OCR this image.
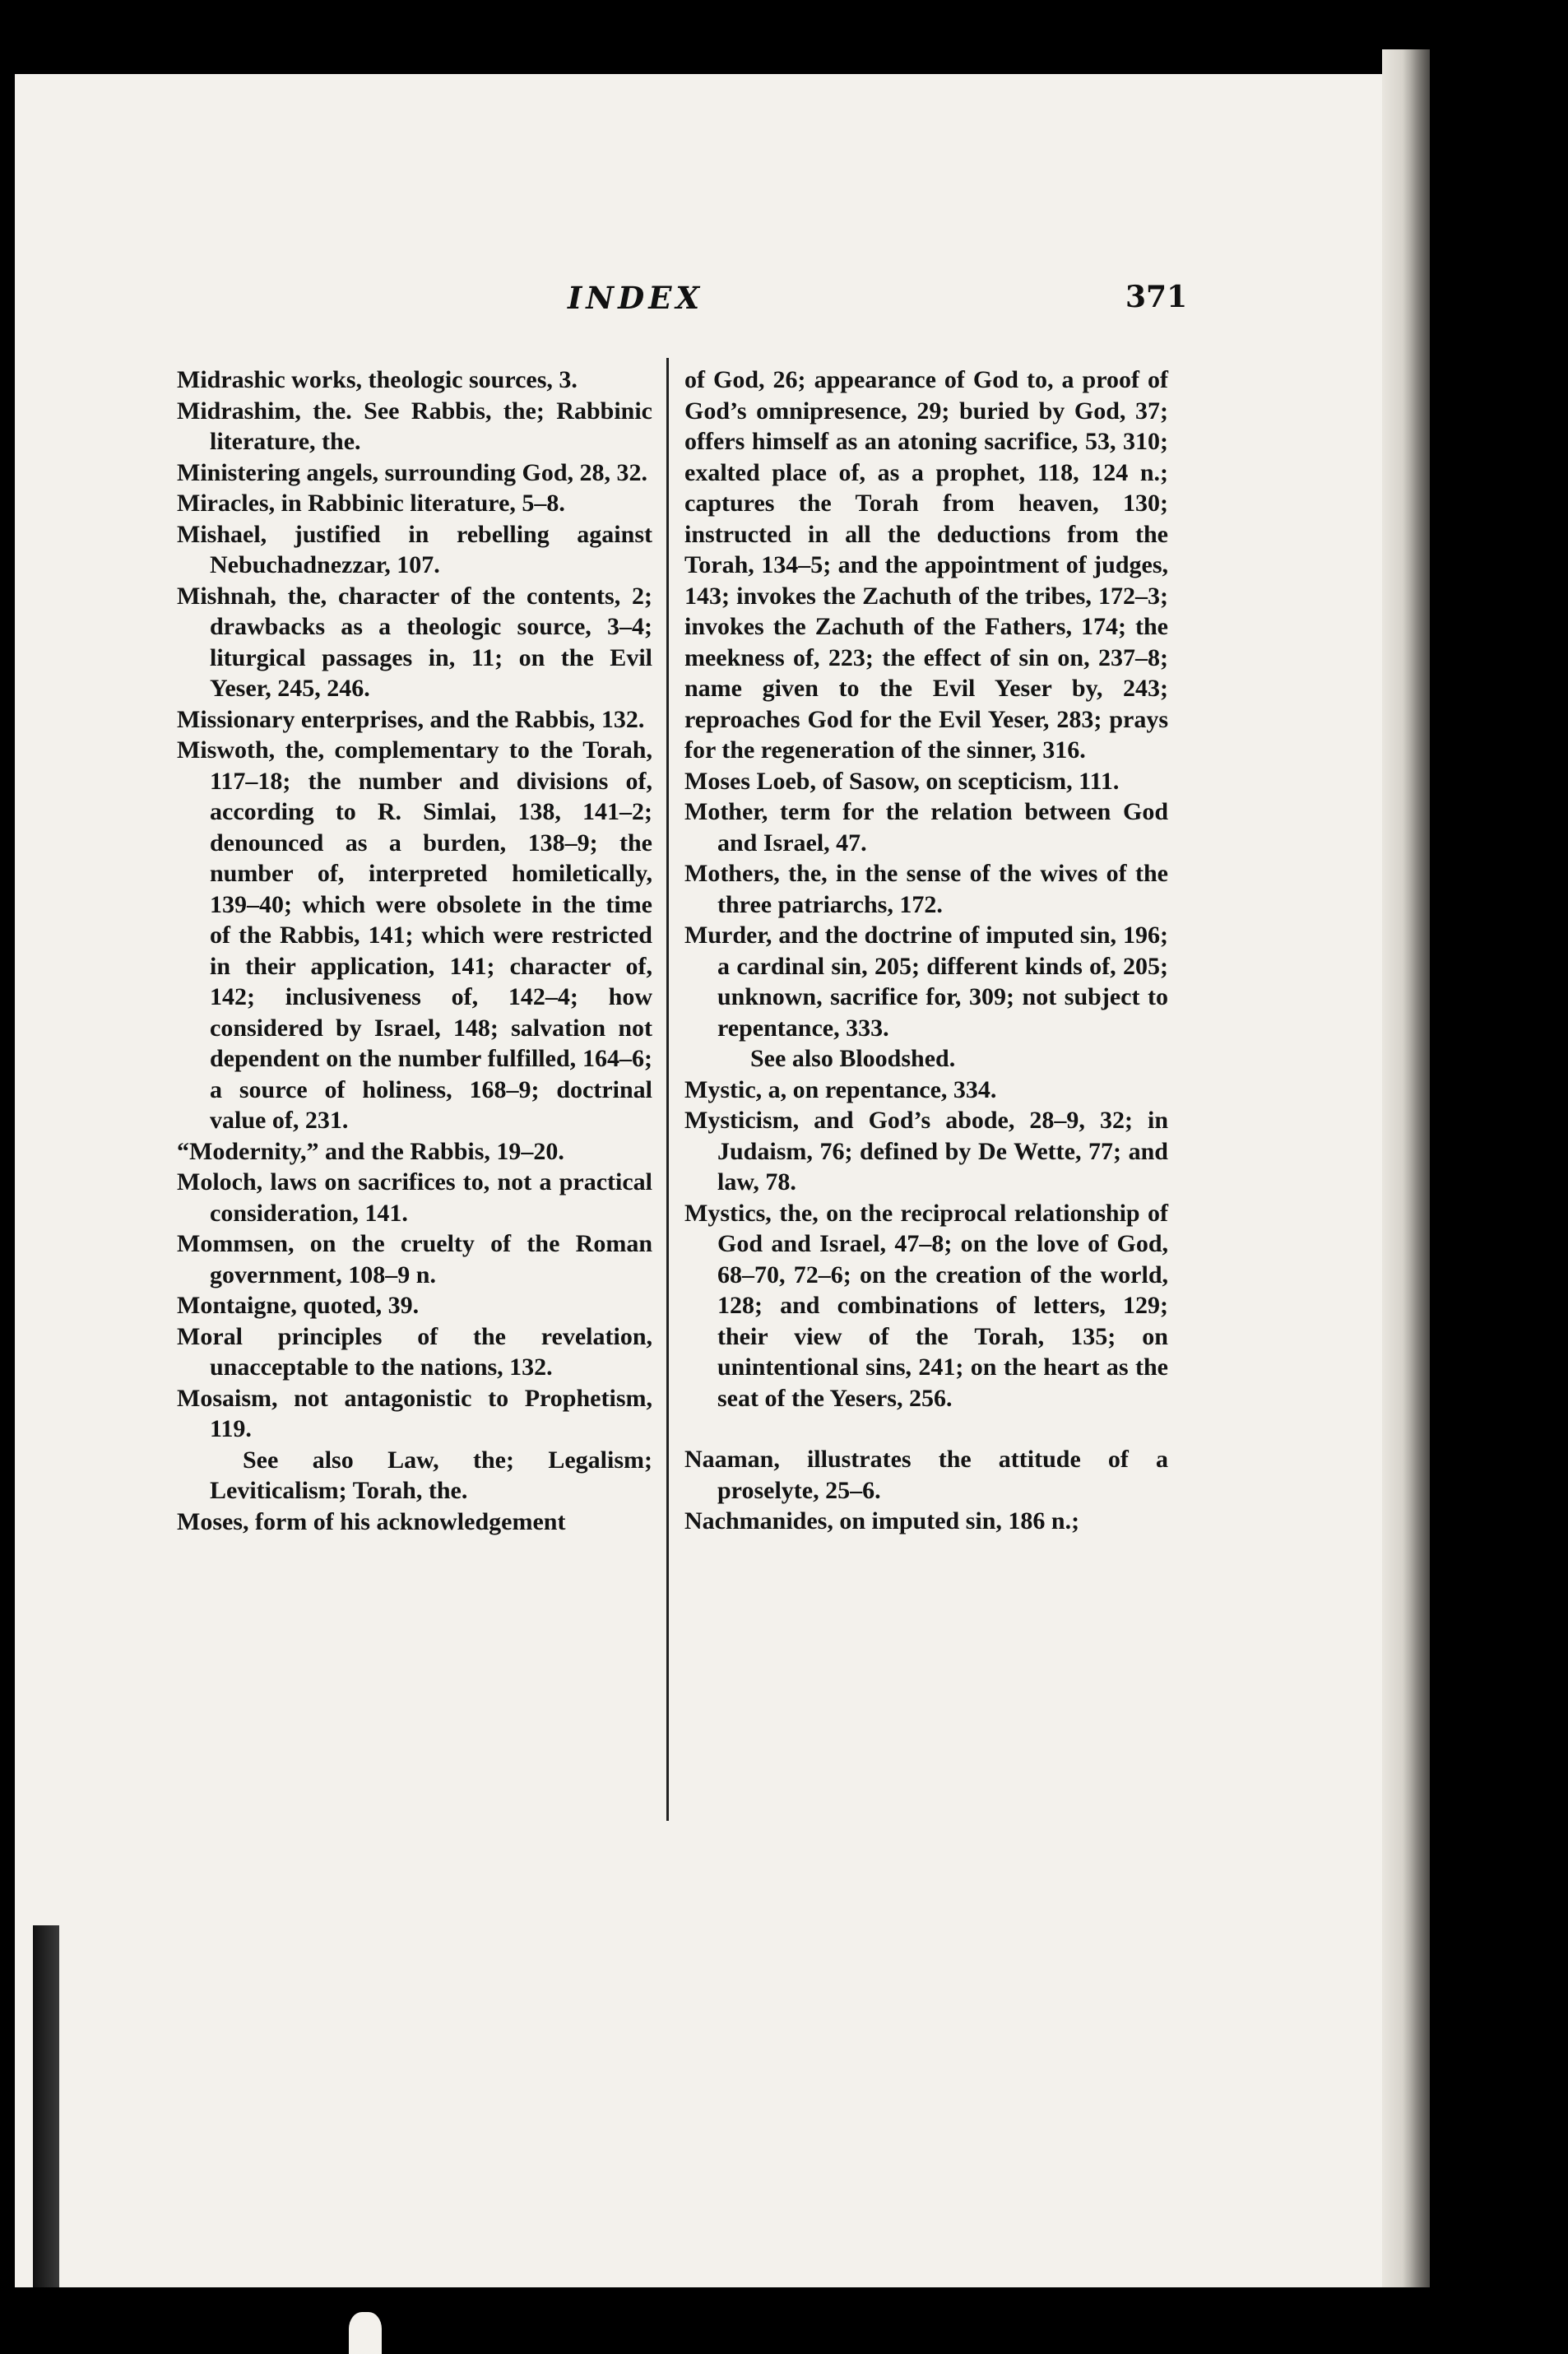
INDEX	371

Midrashic works, theologic sources, 3.

Midrashim, the. See Rabbis, the; Rabbinic literature, the.

Ministering angels, surrounding God, 28, 32.

Miracles, in Rabbinic literature, 5–8.

Mishael, justified in rebelling against Nebuchadnezzar, 107.

Mishnah, the, character of the contents, 2; drawbacks as a theologic source, 3–4; liturgical passages in, 11; on the Evil Yeser, 245, 246.

Missionary enterprises, and the Rabbis, 132.

Miswoth, the, complementary to the Torah, 117–18; the number and divisions of, according to R. Simlai, 138, 141–2; denounced as a burden, 138–9; the number of, interpreted homiletically, 139–40; which were obsolete in the time of the Rabbis, 141; which were restricted in their application, 141; character of, 142; inclusiveness of, 142–4; how considered by Israel, 148; salvation not dependent on the number fulfilled, 164–6; a source of holiness, 168–9; doctrinal value of, 231.

“Modernity,” and the Rabbis, 19–20.

Moloch, laws on sacrifices to, not a practical consideration, 141.

Mommsen, on the cruelty of the Roman government, 108–9 n.

Montaigne, quoted, 39.

Moral principles of the revelation, unacceptable to the nations, 132.

Mosaism, not antagonistic to Prophetism, 119.

See also Law, the; Legalism; Leviticalism; Torah, the.

Moses, form of his acknowledgement

of God, 26; appearance of God to, a proof of God’s omnipresence, 29; buried by God, 37; offers himself as an atoning sacrifice, 53, 310; exalted place of, as a prophet, 118, 124 n.; captures the Torah from heaven, 130; instructed in all the deductions from the Torah, 134–5; and the appointment of judges, 143; invokes the Zachuth of the tribes, 172–3; invokes the Zachuth of the Fathers, 174; the meekness of, 223; the effect of sin on, 237–8; name given to the Evil Yeser by, 243; reproaches God for the Evil Yeser, 283; prays for the regeneration of the sinner, 316.

Moses Loeb, of Sasow, on scepticism, 111.

Mother, term for the relation between God and Israel, 47.

Mothers, the, in the sense of the wives of the three patriarchs, 172.

Murder, and the doctrine of imputed sin, 196; a cardinal sin, 205; different kinds of, 205; unknown, sacrifice for, 309; not subject to repentance, 333.

See also Bloodshed.

Mystic, a, on repentance, 334.

Mysticism, and God’s abode, 28–9, 32; in Judaism, 76; defined by De Wette, 77; and law, 78.

Mystics, the, on the reciprocal relationship of God and Israel, 47–8; on the love of God, 68–70, 72–6; on the creation of the world, 128; and combinations of letters, 129; their view of the Torah, 135; on unintentional sins, 241; on the heart as the seat of the Yesers, 256.

Naaman, illustrates the attitude of a proselyte, 25–6.

Nachmanides, on imputed sin, 186 n.;
